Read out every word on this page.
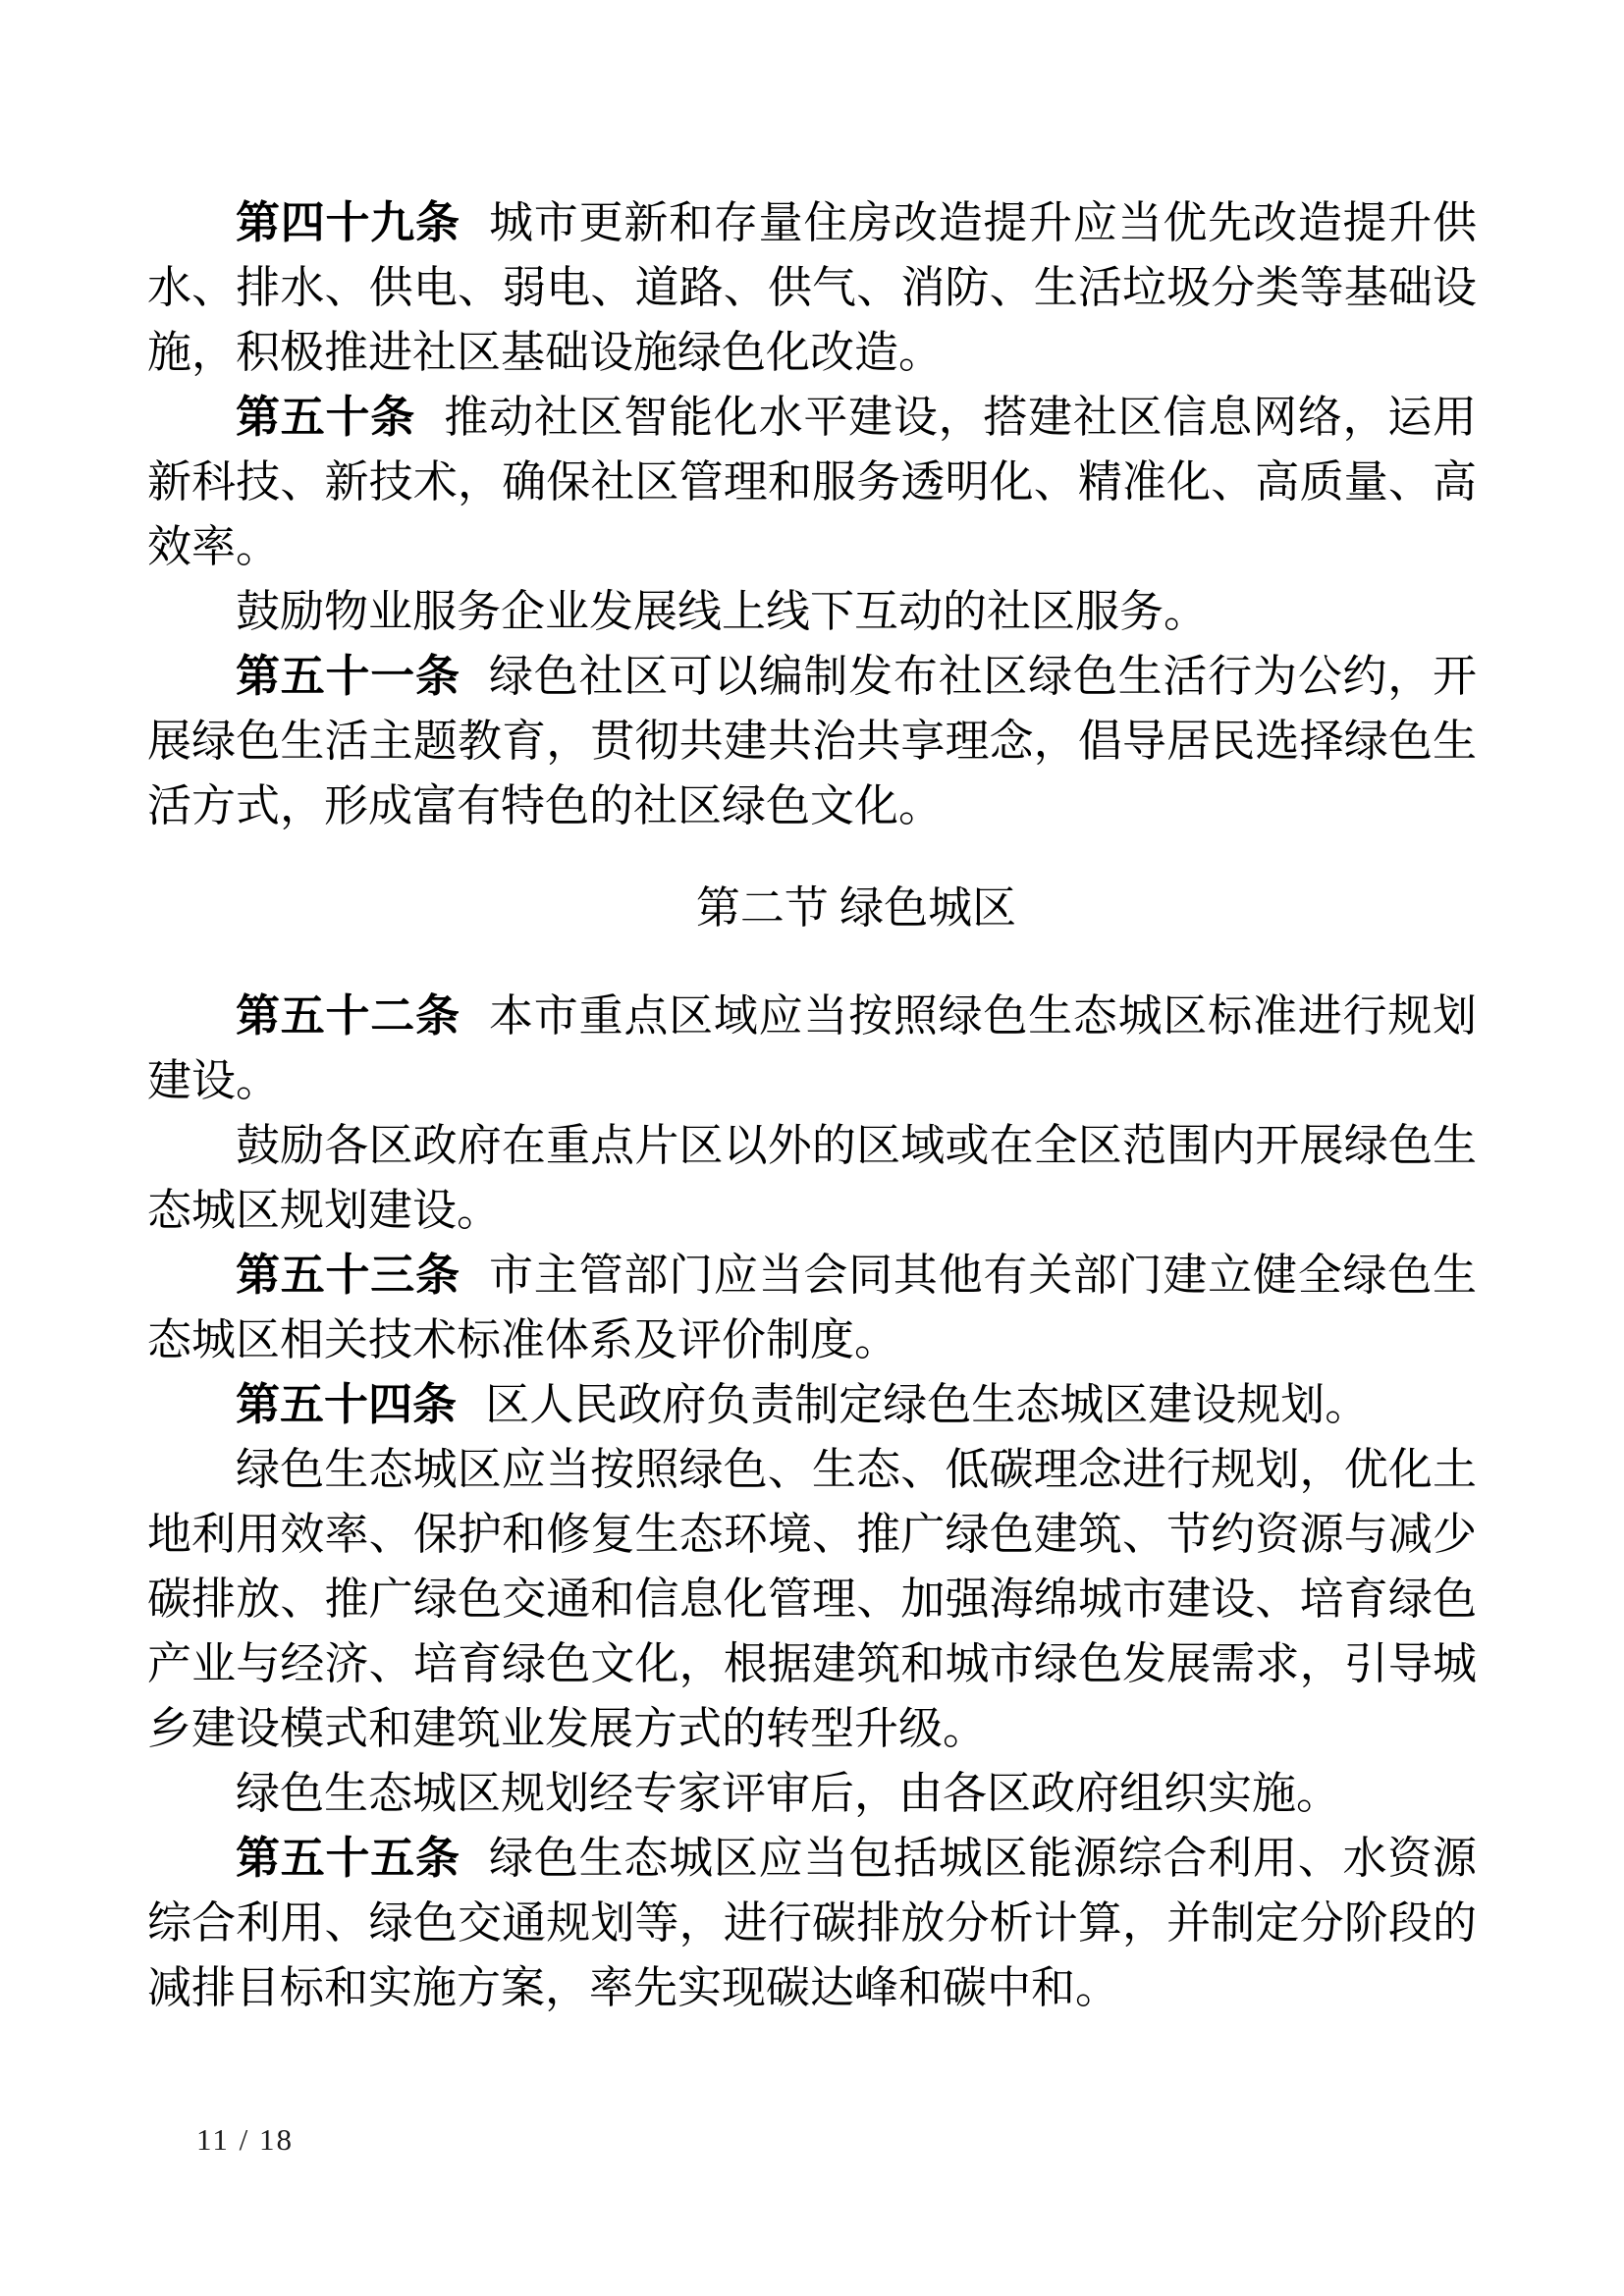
第四十九条 城市更新和存量住房改造提升应当优先改造提升供水、排水、供电、弱电、道路、供气、消防、生活垃圾分类等基础设施，积极推进社区基础设施绿色化改造。

第五十条 推动社区智能化水平建设，搭建社区信息网络，运用新科技、新技术，确保社区管理和服务透明化、精准化、高质量、高效率。

鼓励物业服务企业发展线上线下互动的社区服务。

第五十一条 绿色社区可以编制发布社区绿色生活行为公约，开展绿色生活主题教育，贯彻共建共治共享理念，倡导居民选择绿色生活方式，形成富有特色的社区绿色文化。

第二节 绿色城区

第五十二条 本市重点区域应当按照绿色生态城区标准进行规划建设。

鼓励各区政府在重点片区以外的区域或在全区范围内开展绿色生态城区规划建设。

第五十三条 市主管部门应当会同其他有关部门建立健全绿色生态城区相关技术标准体系及评价制度。

第五十四条 区人民政府负责制定绿色生态城区建设规划。

绿色生态城区应当按照绿色、生态、低碳理念进行规划，优化土地利用效率、保护和修复生态环境、推广绿色建筑、节约资源与减少碳排放、推广绿色交通和信息化管理、加强海绵城市建设、培育绿色产业与经济、培育绿色文化，根据建筑和城市绿色发展需求，引导城乡建设模式和建筑业发展方式的转型升级。

绿色生态城区规划经专家评审后，由各区政府组织实施。

第五十五条 绿色生态城区应当包括城区能源综合利用、水资源综合利用、绿色交通规划等，进行碳排放分析计算，并制定分阶段的减排目标和实施方案，率先实现碳达峰和碳中和。

11 / 18
